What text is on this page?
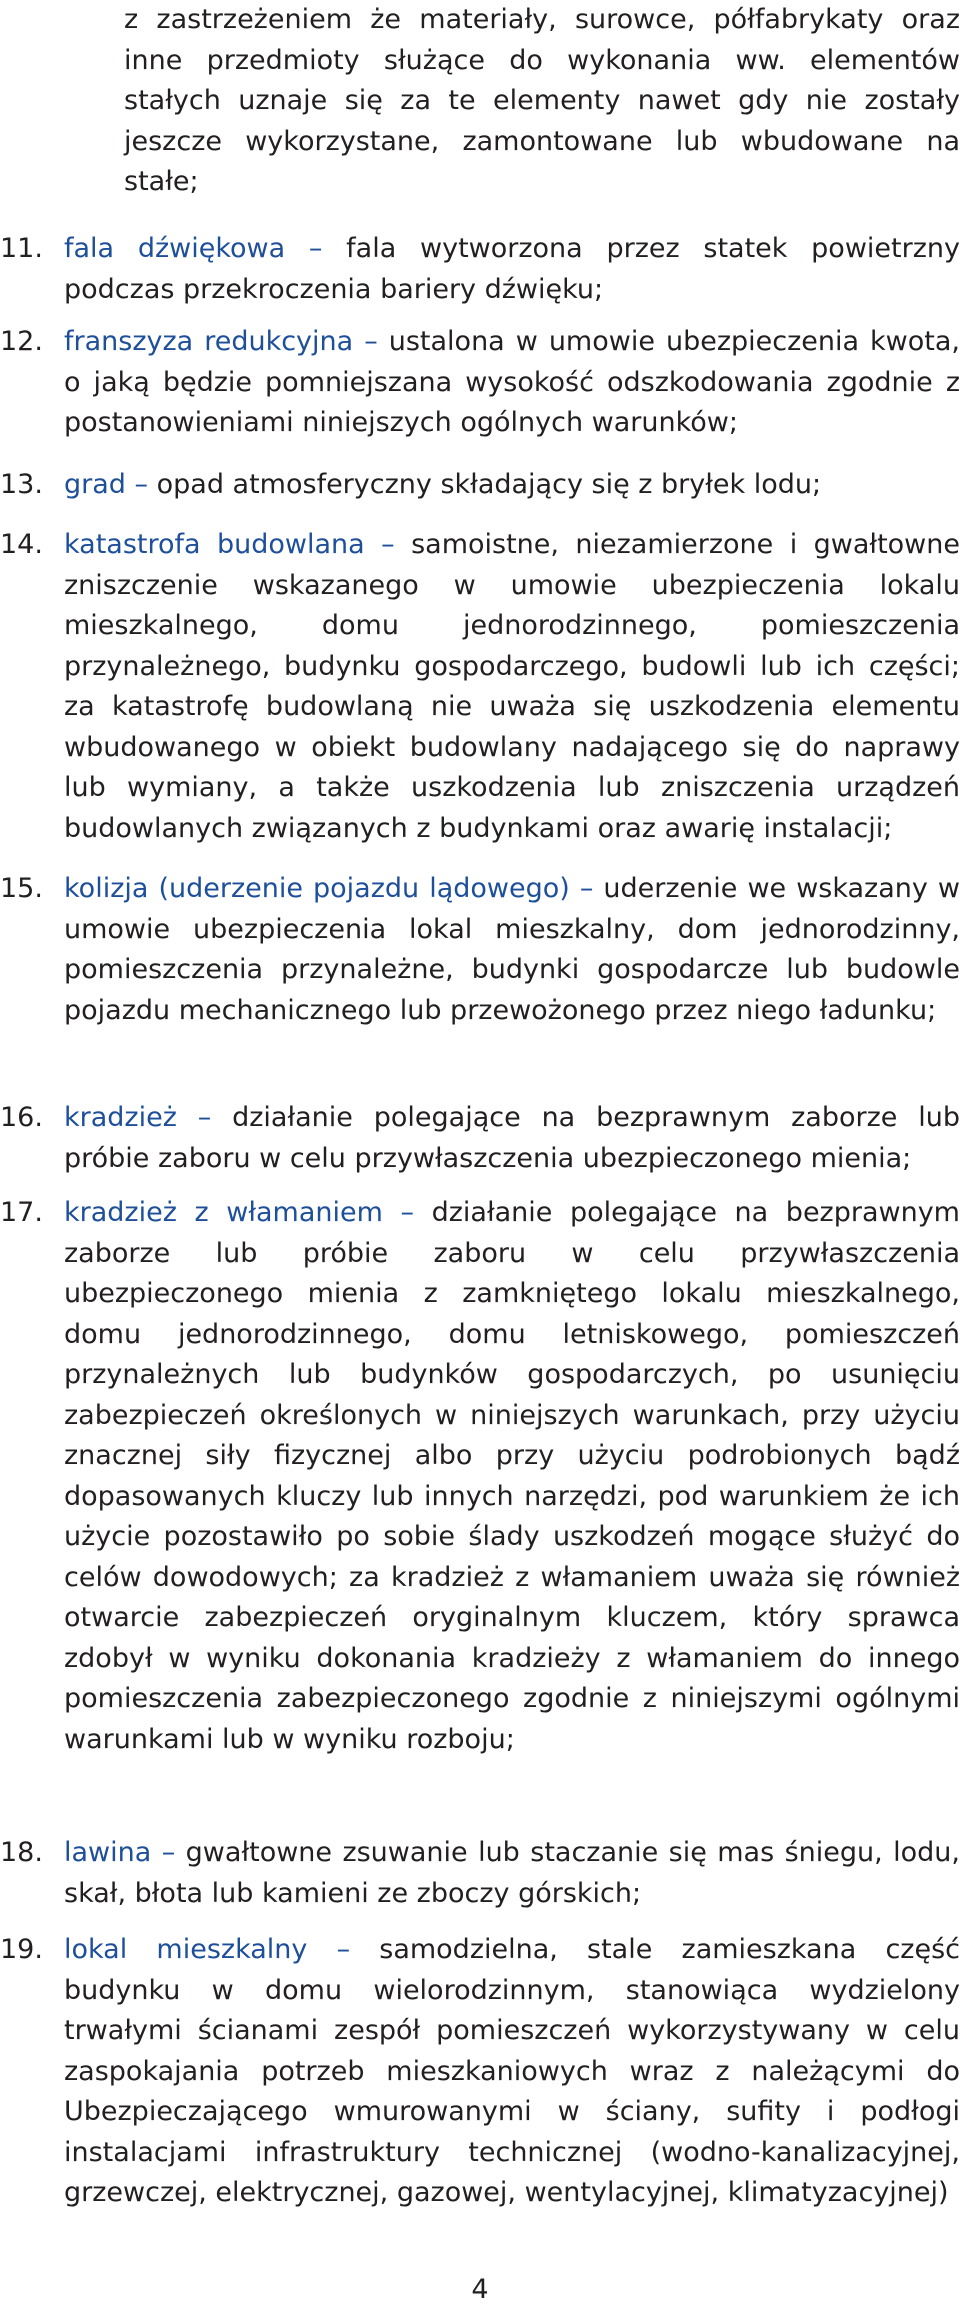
z zastrzeżeniem że materiały, surowce, półfabrykaty oraz inne przedmioty służące do wykonania ww. elementów stałych uznaje się za te elementy nawet gdy nie zostały jeszcze wykorzystane, zamontowane lub wbudowane na stałe;

11. fala dźwiękowa – fala wytworzona przez statek powietrzny podczas przekroczenia bariery dźwięku;

12. franszyza redukcyjna – ustalona w umowie ubezpieczenia kwota, o jaką będzie pomniejszana wysokość odszkodowania zgodnie z postanowieniami niniejszych ogólnych warunków;

13. grad – opad atmosferyczny składający się z bryłek lodu;

14. katastrofa budowlana – samoistne, niezamierzone i gwałtowne zniszczenie wskazanego w umowie ubezpieczenia lokalu mieszkalnego, domu jednorodzinnego, pomieszczenia przynależnego, budynku gospodarczego, budowli lub ich części; za katastrofę budowlaną nie uważa się uszkodzenia elementu wbudowanego w obiekt budowlany nadającego się do naprawy lub wymiany, a także uszkodzenia lub zniszczenia urządzeń budowlanych związanych z budynkami oraz awarię instalacji;

15. kolizja (uderzenie pojazdu lądowego) – uderzenie we wskazany w umowie ubezpieczenia lokal mieszkalny, dom jednorodzinny, pomieszczenia przynależne, budynki gospodarcze lub budowle pojazdu mechanicznego lub przewożonego przez niego ładunku;

16. kradzież – działanie polegające na bezprawnym zaborze lub próbie zaboru w celu przywłaszczenia ubezpieczonego mienia;

17. kradzież z włamaniem – działanie polegające na bezprawnym zaborze lub próbie zaboru w celu przywłaszczenia ubezpieczonego mienia z zamkniętego lokalu mieszkalnego, domu jednorodzinnego, domu letniskowego, pomieszczeń przynależnych lub budynków gospodarczych, po usunięciu zabezpieczeń określonych w niniejszych warunkach, przy użyciu znacznej siły fizycznej albo przy użyciu podrobionych bądź dopasowanych kluczy lub innych narzędzi, pod warunkiem że ich użycie pozostawiło po sobie ślady uszkodzeń mogące służyć do celów dowodowych; za kradzież z włamaniem uważa się również otwarcie zabezpieczeń oryginalnym kluczem, który sprawca zdobył w wyniku dokonania kradzieży z włamaniem do innego pomieszczenia zabezpieczonego zgodnie z niniejszymi ogólnymi warunkami lub w wyniku rozboju;

18. lawina – gwałtowne zsuwanie lub staczanie się mas śniegu, lodu, skał, błota lub kamieni ze zboczy górskich;

19. lokal mieszkalny – samodzielna, stale zamieszkana część budynku w domu wielorodzinnym, stanowiąca wydzielony trwałymi ścianami zespół pomieszczeń wykorzystywany w celu zaspokajania potrzeb mieszkaniowych wraz z należącymi do Ubezpieczającego wmurowanymi w ściany, sufity i podłogi instalacjami infrastruktury technicznej (wodno-kanalizacyjnej, grzewczej, elektrycznej, gazowej, wentylacyjnej, klimatyzacyjnej)

4
